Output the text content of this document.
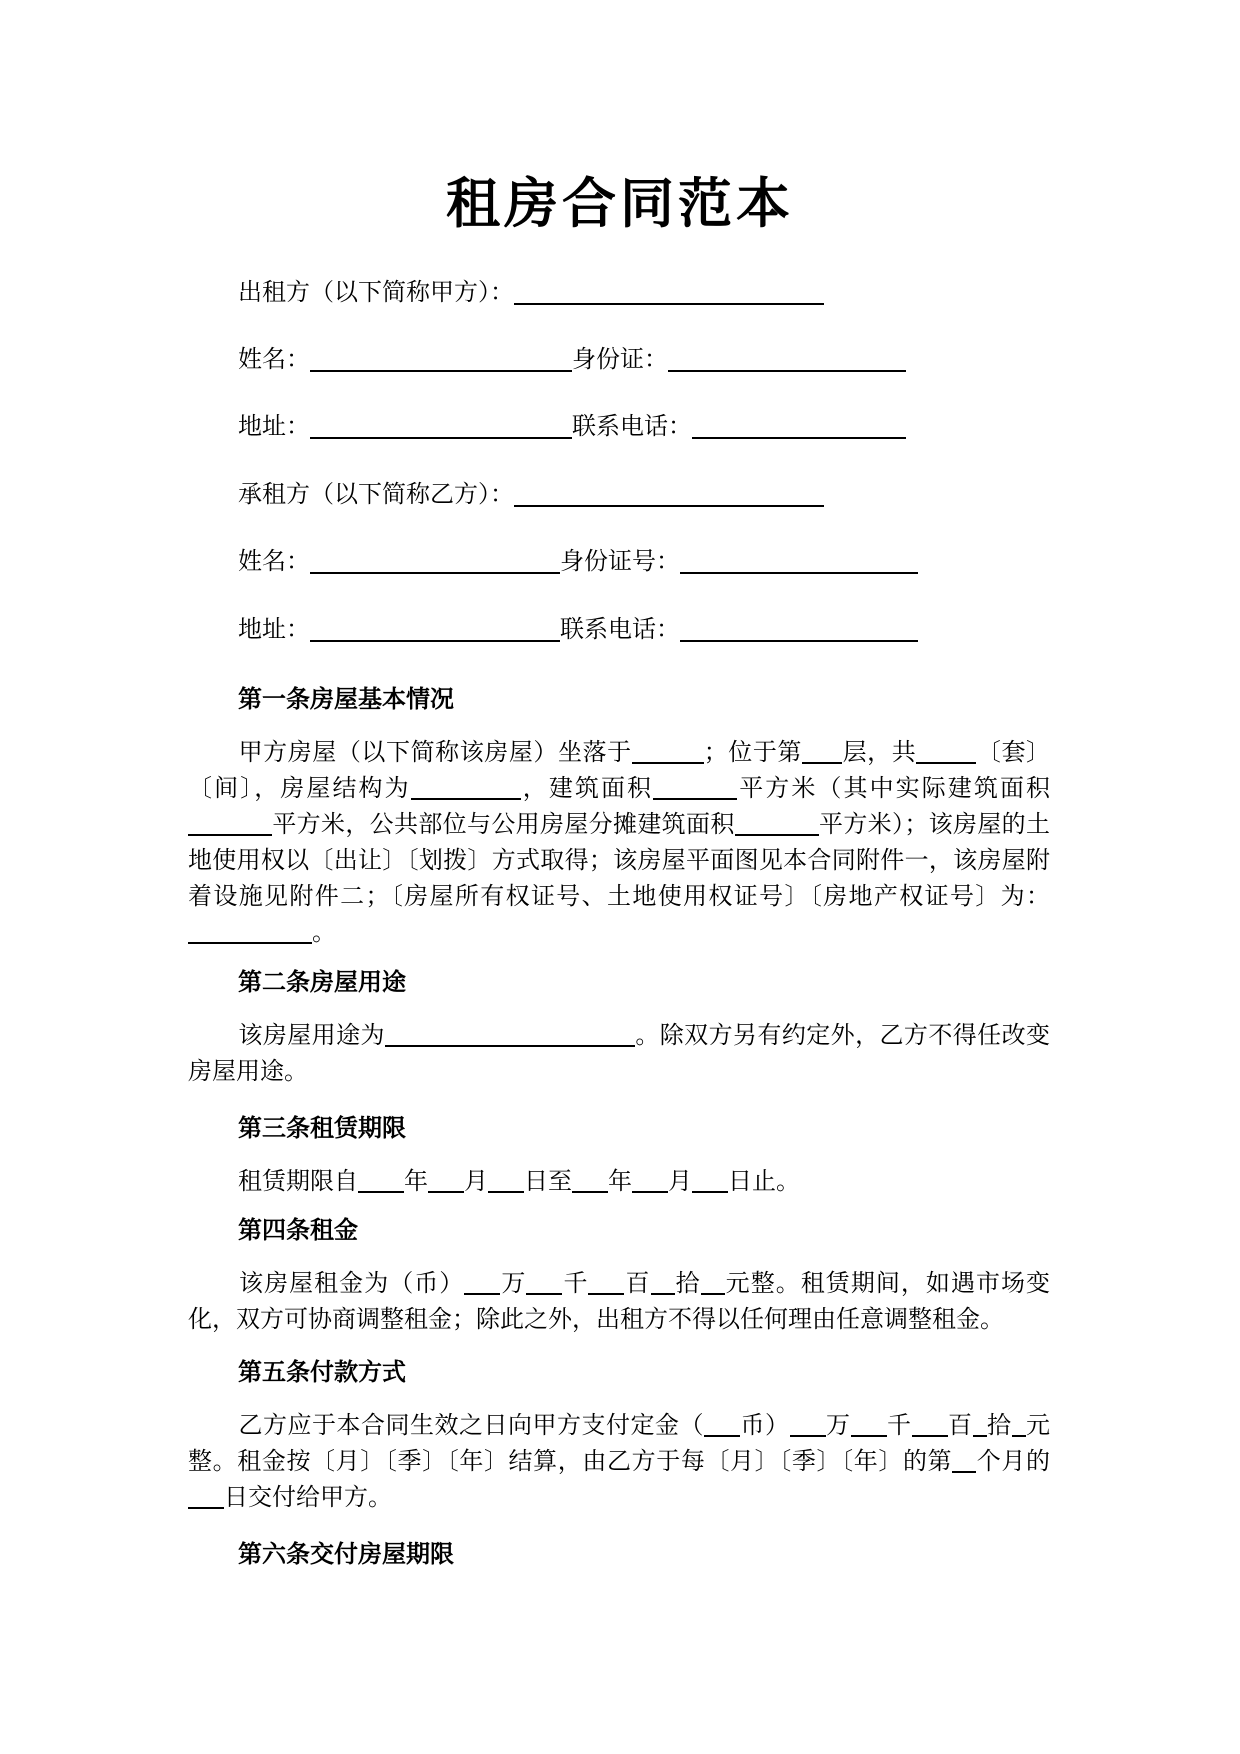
租房合同范本
出租方（以下简称甲方）：
姓名：	身份证：
地址：	联系电话：
承租方（以下简称乙方）：
姓名：	身份证号：
地址：	联系电话：
第一条房屋基本情况

甲方房屋（以下简称该房屋）坐落于	；位于第 层，共	〔套〕〔间〕，房屋结构为	，建筑面积	平方米（其中实际建筑面积平方米，公共部位与公用房屋分摊建筑面积	平方米）；该房屋的土地使用权以〔出让〕〔划拨〕方式取得；该房屋平面图见本合同附件一，该房屋附着设施见附件二；〔房屋所有权证号、土地使用权证号〕〔房地产权证号〕为：。

第二条房屋用途

该房屋用途为	。除双方另有约定外，乙方不得任改变房屋用途。

第三条租赁期限

租赁期限自 年 月 日至 年 月 日止。

第四条租金

该房屋租金为（币） 万 千 百 拾 元整。租赁期间，如遇市场变化，双方可协商调整租金；除此之外，出租方不得以任何理由任意调整租金。

第五条付款方式

乙方应于本合同生效之日向甲方支付定金（ 币） 万 千 百 拾 元整。租金按〔月〕〔季〕〔年〕结算，由乙方于每〔月〕〔季〕〔年〕的第 个月的日交付给甲方。

第六条交付房屋期限
